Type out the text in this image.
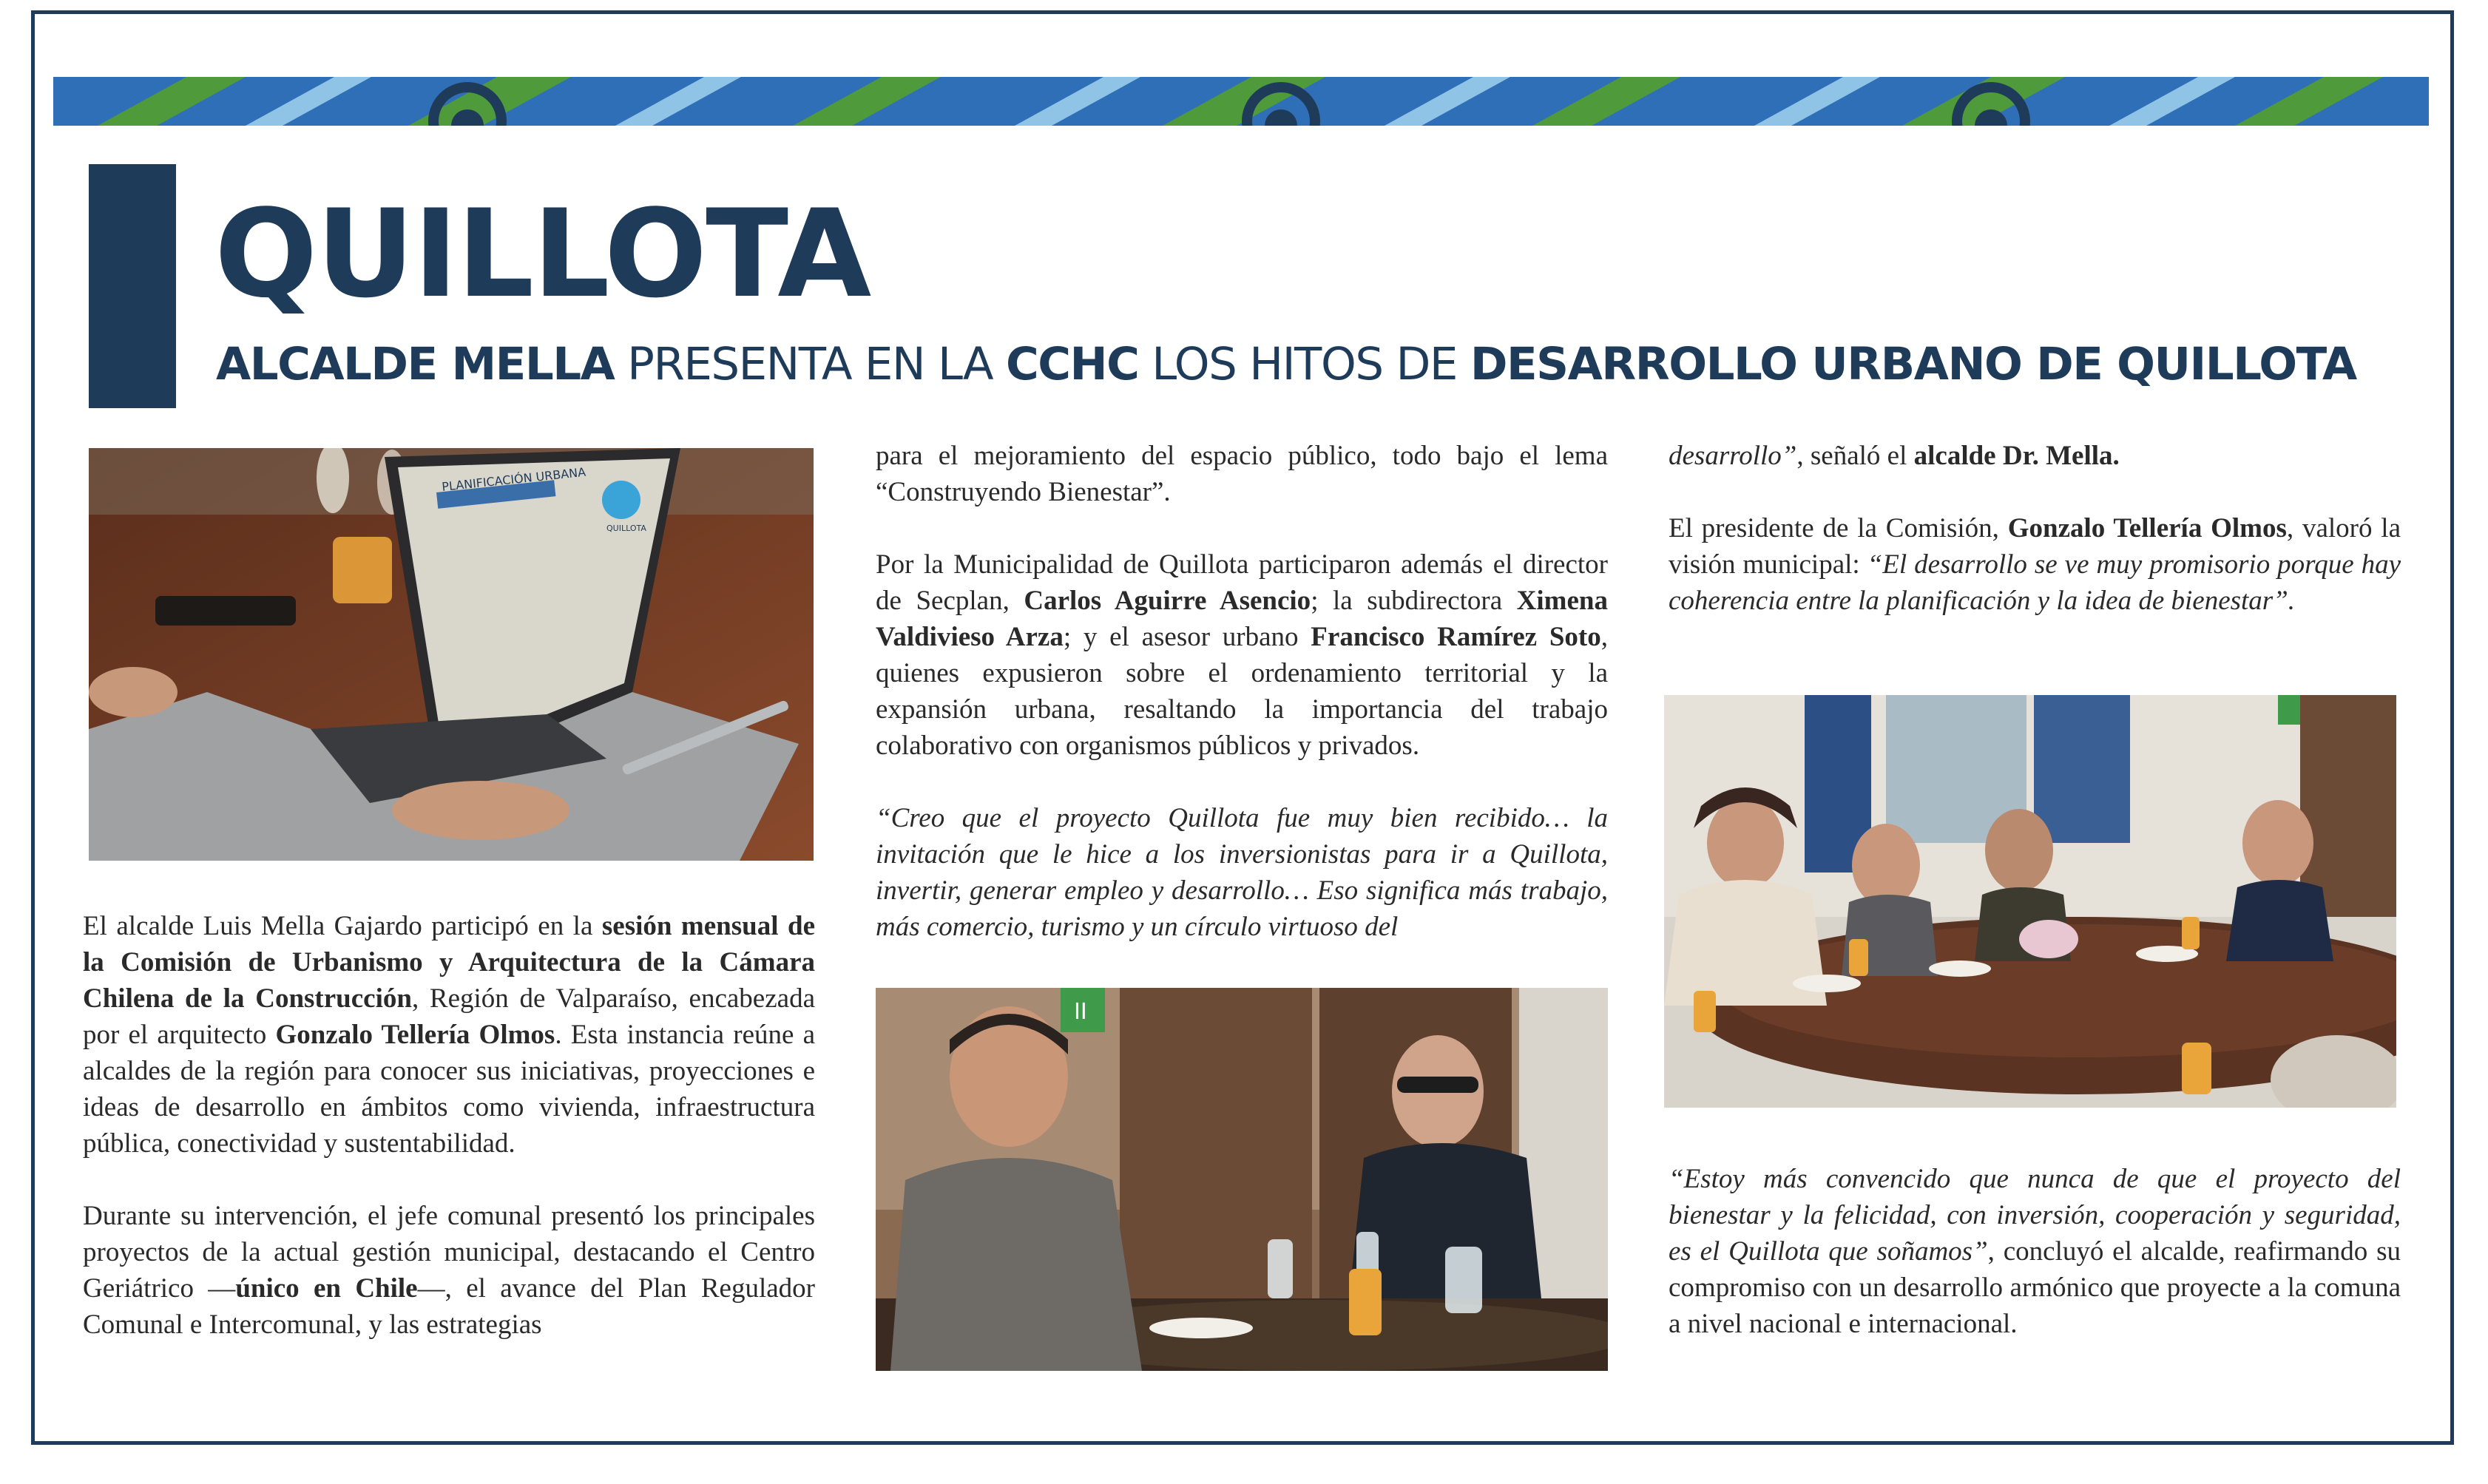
QUILLOTA
ALCALDE MELLA PRESENTA EN LA CCHC LOS HITOS DE DESARROLLO URBANO DE QUILLOTA
PLANIFICACIÓN URBANA
QUILLOTA

El alcalde Luis Mella Gajardo participó en la sesión mensual de la Comisión de Urbanismo y Arquitectura de la Cámara Chilena de la Construcción, Región de Valparaíso, encabezada por el arquitecto Gonzalo Tellería Olmos. Esta instancia reúne a alcaldes de la región para conocer sus iniciativas, proyecciones e ideas de desarrollo en ámbitos como vivienda, infraestructura pública, conectividad y sustentabilidad.

Durante su intervención, el jefe comunal presentó los principales proyectos de la actual gestión municipal, destacando el Centro Geriátrico —único en Chile—, el avance del Plan Regulador Comunal e Intercomunal, y las estrategias

para el mejoramiento del espacio público, todo bajo el lema “Construyendo Bienestar”.

Por la Municipalidad de Quillota participaron además el director de Secplan, Carlos Aguirre Asencio; la subdirectora Ximena Valdivieso Arza; y el asesor urbano Francisco Ramírez Soto, quienes expusieron sobre el ordenamiento territorial y la expansión urbana, resaltando la importancia del trabajo colaborativo con organismos públicos y privados.

“Creo que el proyecto Quillota fue muy bien recibido… la invitación que le hice a los inversionistas para ir a Quillota, invertir, generar empleo y desarrollo… Eso significa más trabajo, más comercio, turismo y un círculo virtuoso del

II

desarrollo”, señaló el alcalde Dr. Mella.

El presidente de la Comisión, Gonzalo Tellería Olmos, valoró la visión municipal: “El desarrollo se ve muy promisorio porque hay coherencia entre la planificación y la idea de bienestar”.

“Estoy más convencido que nunca de que el proyecto del bienestar y la felicidad, con inversión, cooperación y seguridad, es el Quillota que soñamos”, concluyó el alcalde, reafirmando su compromiso con un desarrollo armónico que proyecte a la comuna a nivel nacional e internacional.
